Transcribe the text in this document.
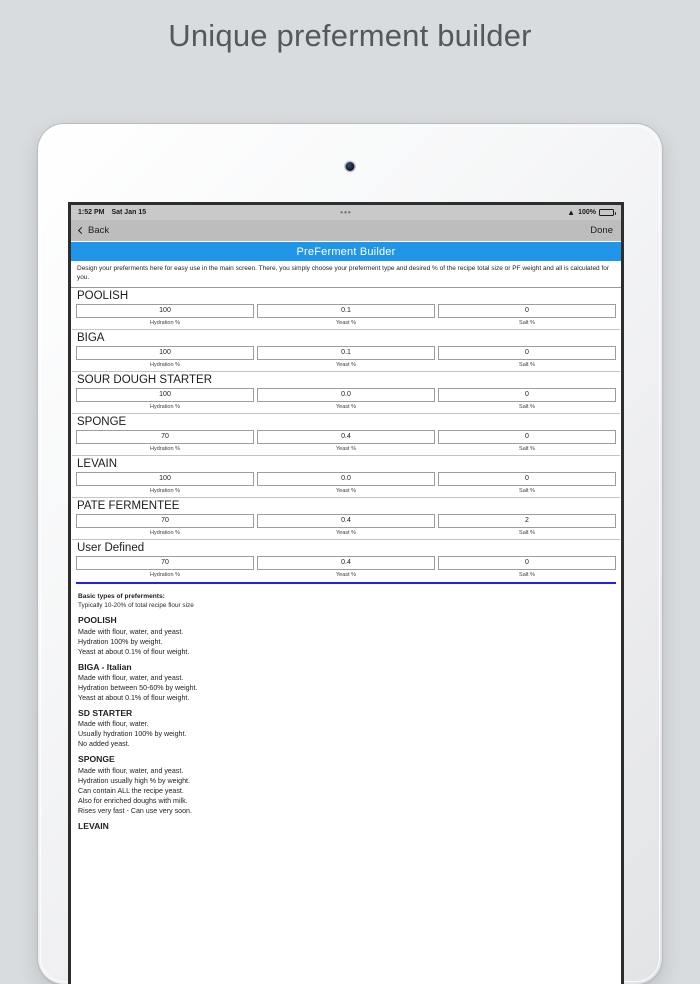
Unique preferment builder
1:52 PM Sat Jan 15	•••	▲ 100%
Back	Done
PreFerment Builder
Design your preferments here for easy use in the main screen. There, you simply choose your preferment type and desired % of the recipe total size or PF weight and all is calculated for you.
POOLISH
100
Hydration %
0.1
Yeast %
0
Salt %
BIGA
100
Hydration %
0.1
Yeast %
0
Salt %
SOUR DOUGH STARTER
100
Hydration %
0.0
Yeast %
0
Salt %
SPONGE
70
Hydration %
0.4
Yeast %
0
Salt %
LEVAIN
100
Hydration %
0.0
Yeast %
0
Salt %
PATE FERMENTEE
70
Hydration %
0.4
Yeast %
2
Salt %
User Defined
70
Hydration %
0.4
Yeast %
0
Salt %
Basic types of preferments:
Typically 10-20% of total recipe flour size
POOLISH
Made with flour, water, and yeast.
Hydration 100% by weight.
Yeast at about 0.1% of flour weight.
BIGA - Italian
Made with flour, water, and yeast.
Hydration between 50-60% by weight.
Yeast at about 0.1% of flour weight.
SD STARTER
Made with flour, water.
Usually hydration 100% by weight.
No added yeast.
SPONGE
Made with flour, water, and yeast.
Hydration usually high % by weight.
Can contain ALL the recipe yeast.
Also for enriched doughs with milk.
Rises very fast - Can use very soon.
LEVAIN
